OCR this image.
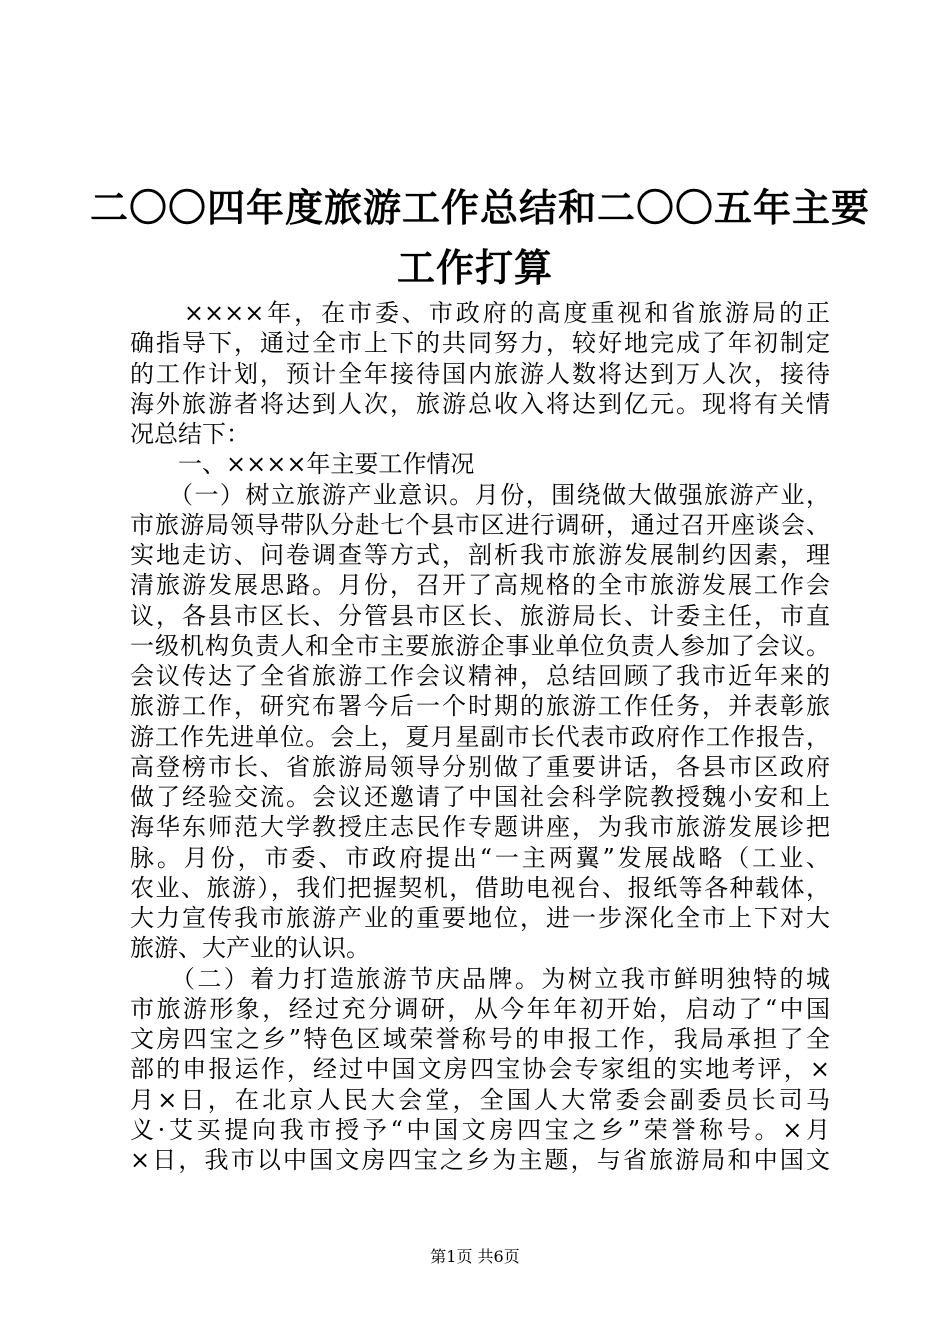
二〇〇四年度旅游工作总结和二〇〇五年主要
工作打算
　　××××年，在市委、市政府的高度重视和省旅游局的正
确指导下，通过全市上下的共同努力，较好地完成了年初制定
的工作计划，预计全年接待国内旅游人数将达到万人次，接待
海外旅游者将达到人次，旅游总收入将达到亿元。现将有关情
况总结下：
　　一、××××年主要工作情况
　　（一）树立旅游产业意识。月份，围绕做大做强旅游产业，
市旅游局领导带队分赴七个县市区进行调研，通过召开座谈会、
实地走访、问卷调查等方式，剖析我市旅游发展制约因素，理
清旅游发展思路。月份，召开了高规格的全市旅游发展工作会
议，各县市区长、分管县市区长、旅游局长、计委主任，市直
一级机构负责人和全市主要旅游企事业单位负责人参加了会议。
会议传达了全省旅游工作会议精神，总结回顾了我市近年来的
旅游工作，研究布署今后一个时期的旅游工作任务，并表彰旅
游工作先进单位。会上，夏月星副市长代表市政府作工作报告，
高登榜市长、省旅游局领导分别做了重要讲话，各县市区政府
做了经验交流。会议还邀请了中国社会科学院教授魏小安和上
海华东师范大学教授庄志民作专题讲座，为我市旅游发展诊把
脉。月份，市委、市政府提出“一主两翼”发展战略（工业、
农业、旅游），我们把握契机，借助电视台、报纸等各种载体，
大力宣传我市旅游产业的重要地位，进一步深化全市上下对大
旅游、大产业的认识。
　　（二）着力打造旅游节庆品牌。为树立我市鲜明独特的城
市旅游形象，经过充分调研，从今年年初开始，启动了“中国
文房四宝之乡”特色区域荣誉称号的申报工作，我局承担了全
部的申报运作，经过中国文房四宝协会专家组的实地考评，×
月×日，在北京人民大会堂，全国人大常委会副委员长司马
义·艾买提向我市授予“中国文房四宝之乡”荣誉称号。×月
×日，我市以中国文房四宝之乡为主题，与省旅游局和中国文
第1页 共6页
